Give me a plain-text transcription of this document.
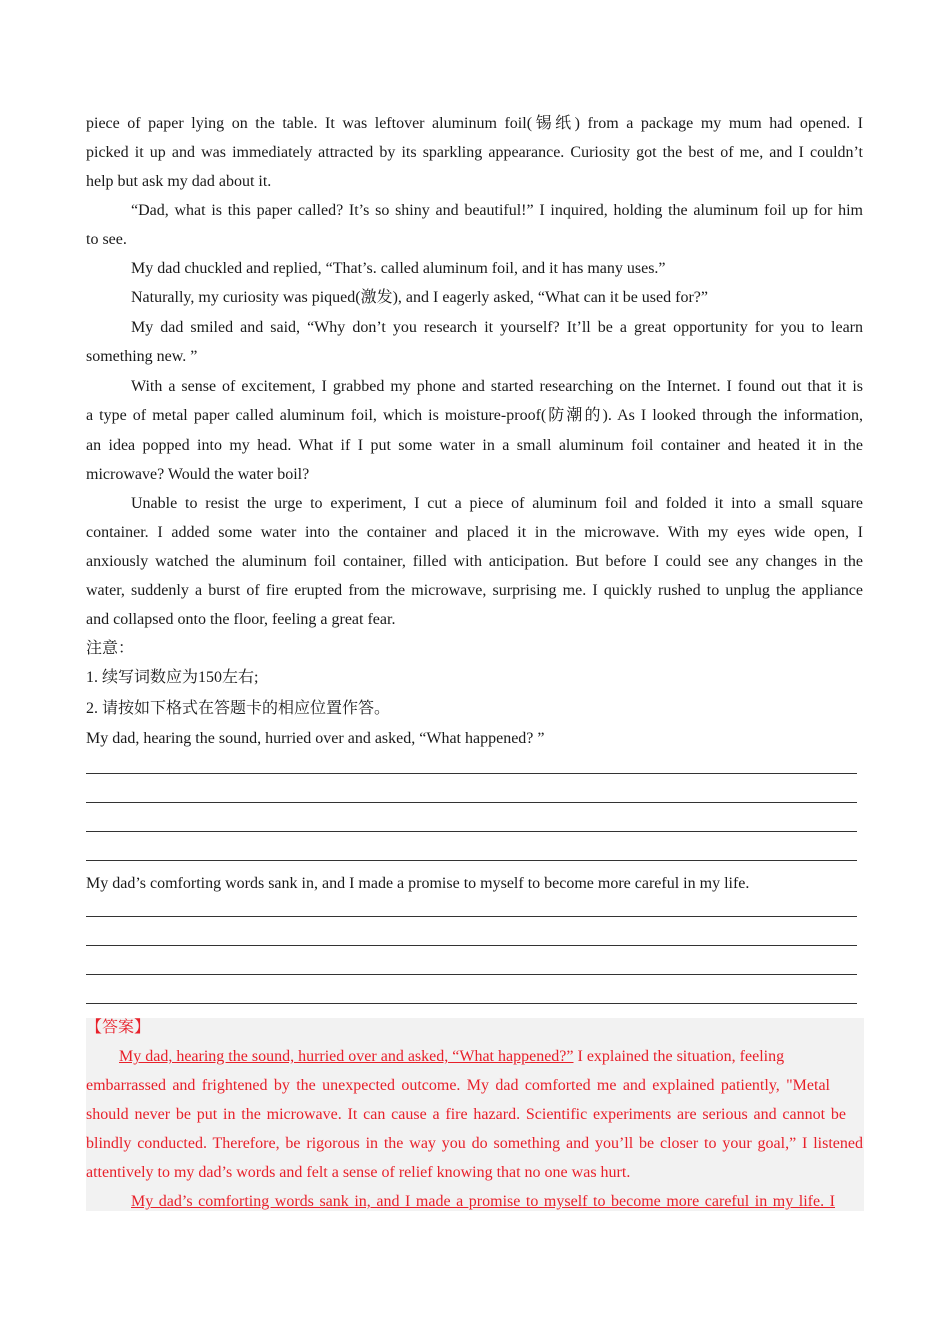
piece of paper lying on the table. It was leftover aluminum foil(锡纸) from a package my mum had opened. I
picked it up and was immediately attracted by its sparkling appearance. Curiosity got the best of me, and I couldn’t
help but ask my dad about it.
“Dad, what is this paper called? It’s so shiny and beautiful!” I inquired, holding the aluminum foil up for him
to see.
My dad chuckled and replied, “That’s. called aluminum foil, and it has many uses.”
Naturally, my curiosity was piqued(激发), and I eagerly asked, “What can it be used for?”
My dad smiled and said, “Why don’t you research it yourself? It’ll be a great opportunity for you to learn
something new. ”
With a sense of excitement, I grabbed my phone and started researching on the Internet. I found out that it is
a type of metal paper called aluminum foil, which is moisture-proof(防潮的). As I looked through the information,
an idea popped into my head. What if I put some water in a small aluminum foil container and heated it in the
microwave? Would the water boil?
Unable to resist the urge to experiment, I cut a piece of aluminum foil and folded it into a small square
container. I added some water into the container and placed it in the microwave. With my eyes wide open, I
anxiously watched the aluminum foil container, filled with anticipation. But before I could see any changes in the
water, suddenly a burst of fire erupted from the microwave, surprising me. I quickly rushed to unplug the appliance
and collapsed onto the floor, feeling a great fear.
注意：
1. 续写词数应为150左右;
2. 请按如下格式在答题卡的相应位置作答。
My dad, hearing the sound, hurried over and asked, “What happened? ”
My dad’s comforting words sank in, and I made a promise to myself to become more careful in my life.
【答案】
My dad, hearing the sound, hurried over and asked, “What happened?” I explained the situation, feeling
embarrassed and frightened by the unexpected outcome. My dad comforted me and explained patiently, "Metal
should never be put in the microwave. It can cause a fire hazard. Scientific experiments are serious and cannot be
blindly conducted. Therefore, be rigorous in the way you do something and you’ll be closer to your goal,” I listened
attentively to my dad’s words and felt a sense of relief knowing that no one was hurt.
My dad’s comforting words sank in, and I made a promise to myself to become more careful in my life. I
